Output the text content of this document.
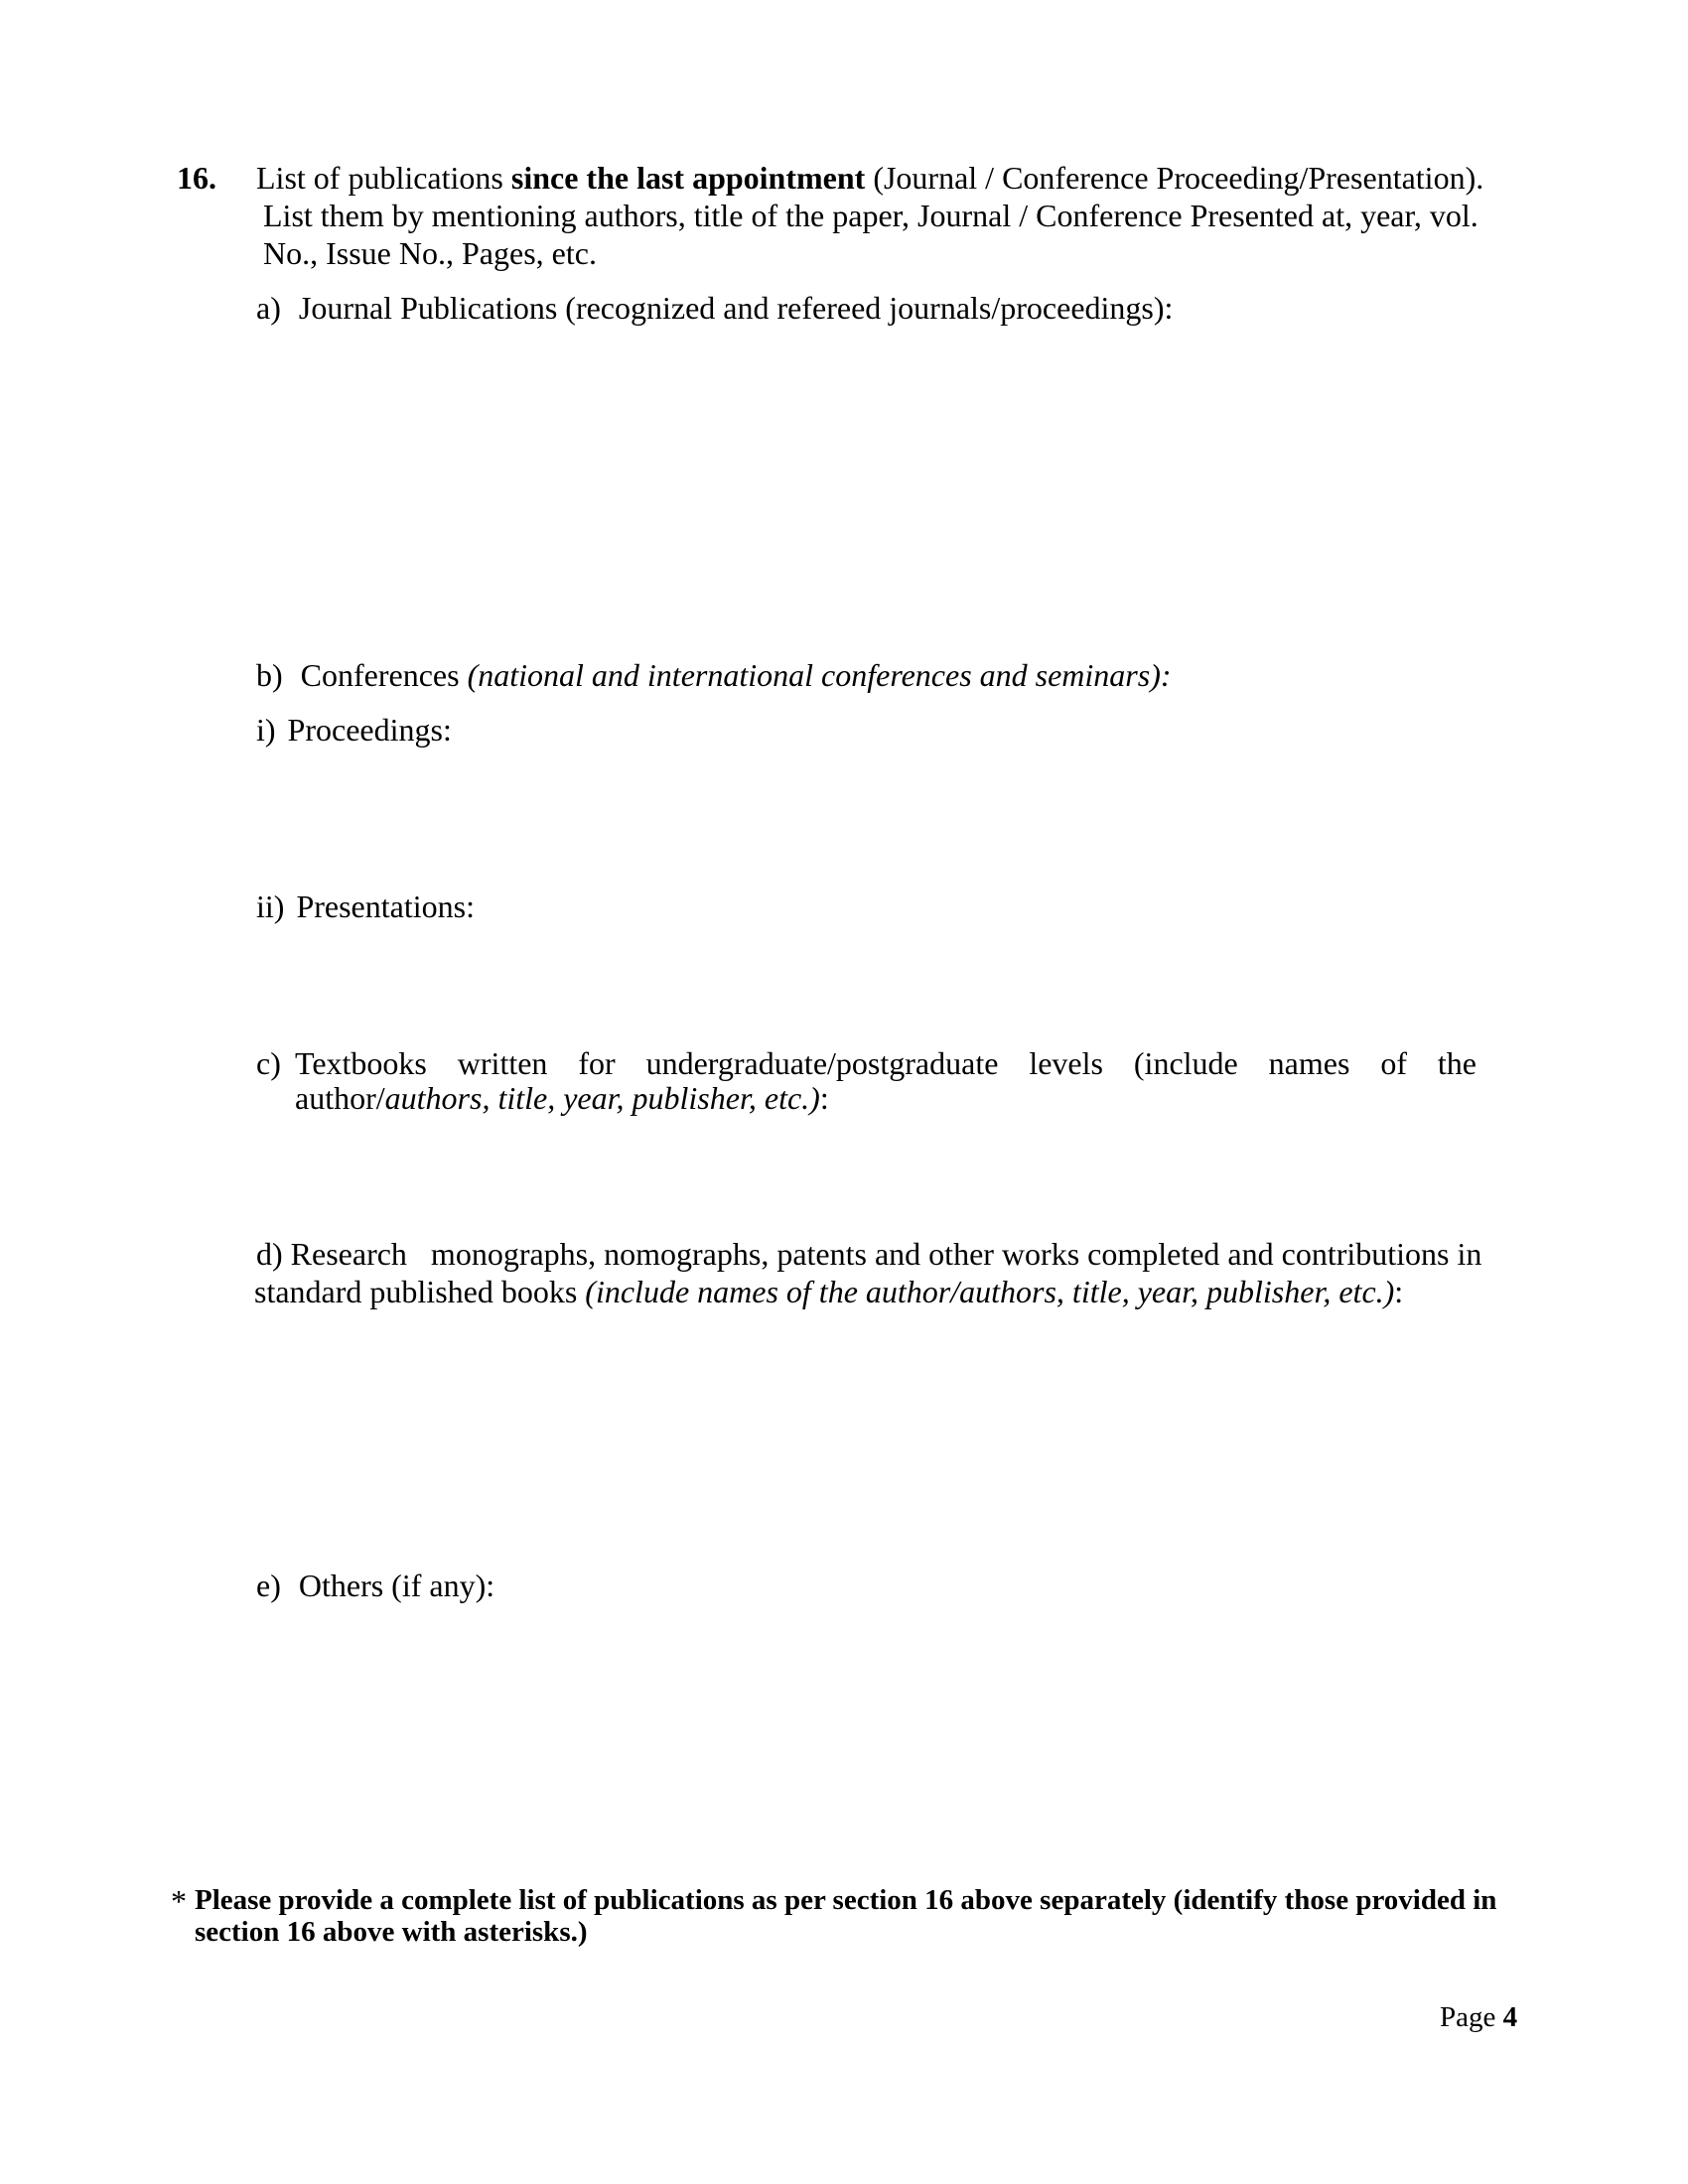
16. List of publications since the last appointment (Journal / Conference Proceeding/Presentation).
List them by mentioning authors, title of the paper, Journal / Conference Presented at, year, vol.
No., Issue No., Pages, etc.
a) Journal Publications (recognized and refereed journals/proceedings):
b) Conferences (national and international conferences and seminars):
i) Proceedings:
ii) Presentations:
c) Textbooks written for undergraduate/postgraduate levels (include names of the
author/authors, title, year, publisher, etc.):
d) Research   monographs, nomographs, patents and other works completed and contributions in
standard published books (include names of the author/authors, title, year, publisher, etc.):
e) Others (if any):
* Please provide a complete list of publications as per section 16 above separately (identify those provided in
section 16 above with asterisks.)
Page 4
